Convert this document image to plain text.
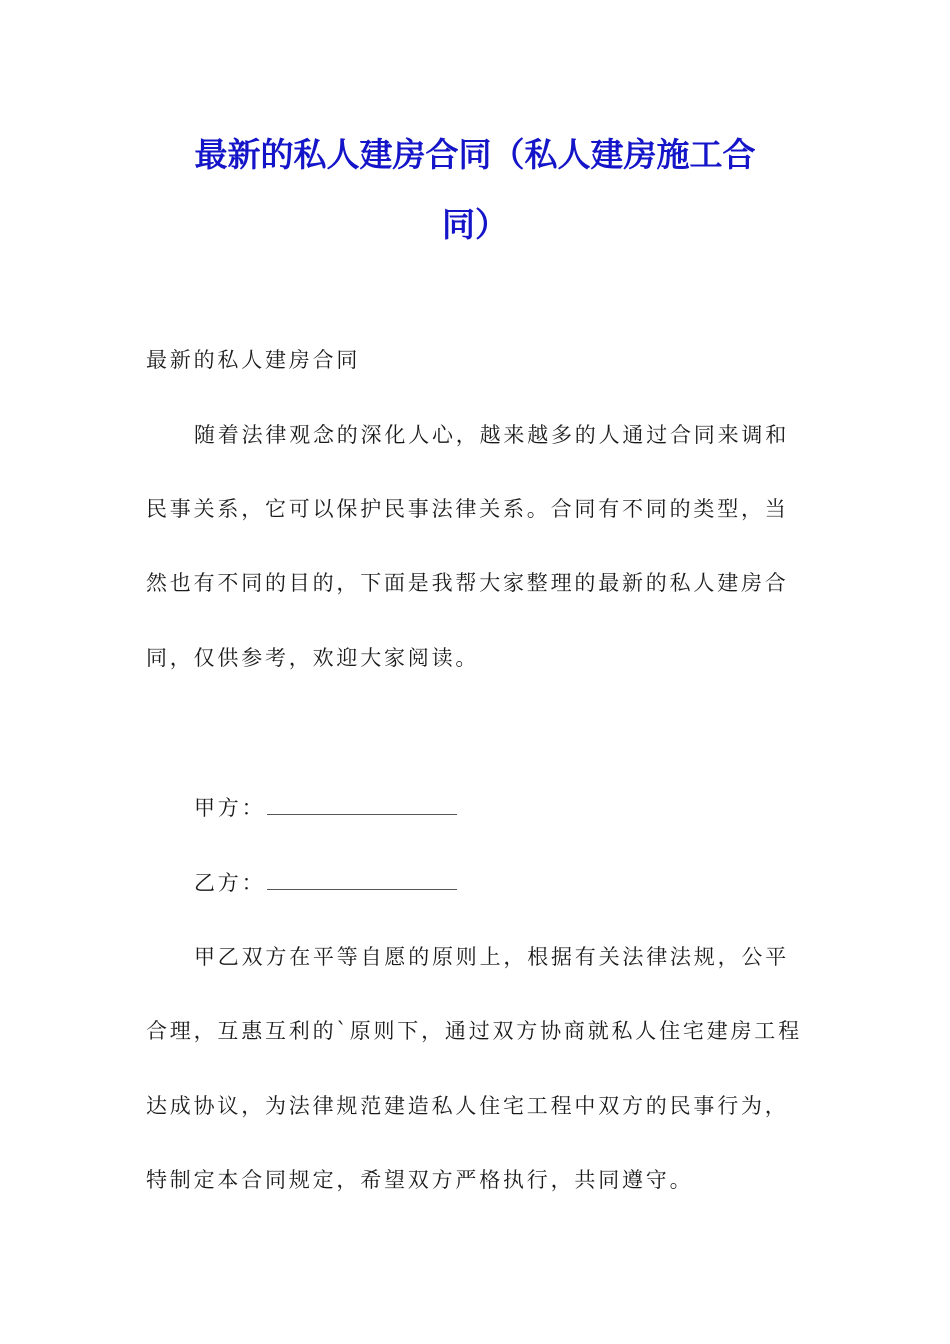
最新的私人建房合同（私人建房施工合
同）

最新的私人建房合同

随着法律观念的深化人心，越来越多的人通过合同来调和

民事关系，它可以保护民事法律关系。合同有不同的类型，当

然也有不同的目的，下面是我帮大家整理的最新的私人建房合

同，仅供参考，欢迎大家阅读。

甲方：
乙方：

甲乙双方在平等自愿的原则上，根据有关法律法规，公平

合理，互惠互利的`原则下，通过双方协商就私人住宅建房工程

达成协议，为法律规范建造私人住宅工程中双方的民事行为，

特制定本合同规定，希望双方严格执行，共同遵守。
